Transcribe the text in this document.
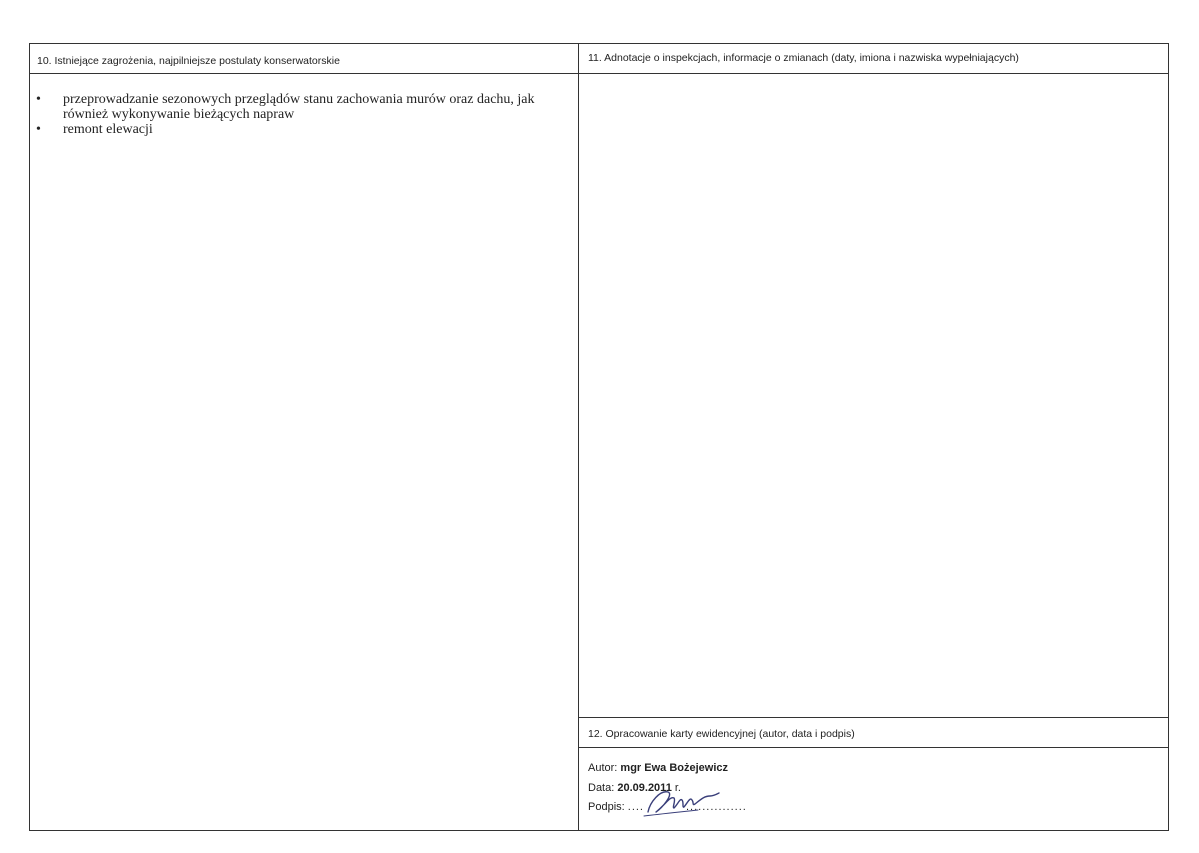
10. Istniejące zagrożenia, najpilniejsze postulaty konserwatorskie	11. Adnotacje o inspekcjach, informacje o zmianach (daty, imiona i nazwiska wypełniających)
12. Opracowanie karty ewidencyjnej (autor, data i podpis)
• przeprowadzanie sezonowych przeglądów stanu zachowania murów oraz dachu, jak również wykonywanie bieżących napraw
• remont elewacji
Autor: mgr Ewa Bożejewicz
Data: 20.09.2011 r.
Podpis: ....	...............
